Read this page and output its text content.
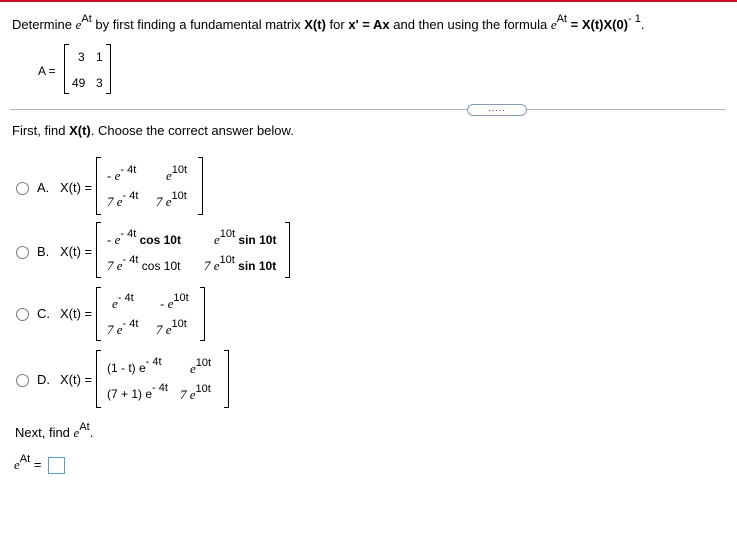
Determine $e^{At}$ by first finding a fundamental matrix X(t) for x' = Ax and then using the formula $e^{At} = X(t)X(0)^{- 1}$.
A =
3 1
49 3
.....
First, find X(t). Choose the correct answer below.
A. X(t) =
- e- 4t e10t
7 e- 4t 7 e10t
B. X(t) =
- e- 4t cos 10t	e10t sin 10t
7 e- 4t cos 10t 7 e10t sin 10t
C. X(t) =
e- 4t - e10t
7 e- 4t 7 e10t
D. X(t) =
(1 - t) e- 4t e10t
(7 + 1) e- 4t 7 e10t
Next, find $e^{At}$.
$e^{At}$ =
